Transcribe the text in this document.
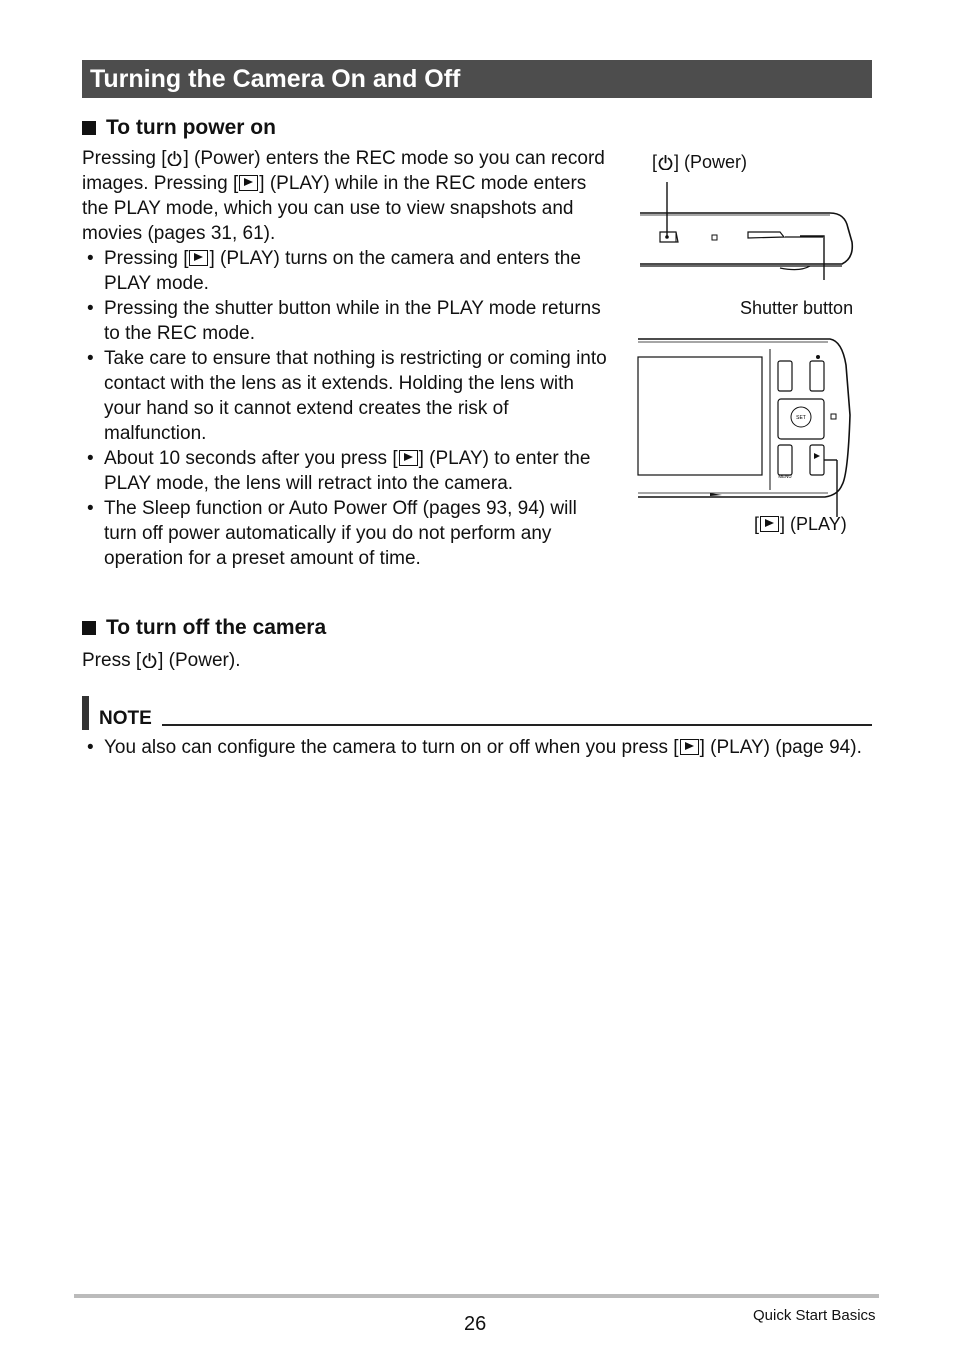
Turning the Camera On and Off
To turn power on

Pressing [ ] (Power) enters the REC mode so you can record images. Pressing [ ] (PLAY) while in the REC mode enters the PLAY mode, which you can use to view snapshots and movies (pages 31, 61).

• Pressing [ ] (PLAY) turns on the camera and enters the PLAY mode.
• Pressing the shutter button while in the PLAY mode returns to the REC mode.
• Take care to ensure that nothing is restricting or coming into contact with the lens as it extends. Holding the lens with your hand so it cannot extend creates the risk of malfunction.
• About 10 seconds after you press [ ] (PLAY) to enter the PLAY mode, the lens will retract into the camera.
• The Sleep function or Auto Power Off (pages 93, 94) will turn off power automatically if you do not perform any operation for a preset amount of time.
[ ] (Power)
Shutter button
SET
MENU
[ ] (PLAY)
To turn off the camera
Press [ ] (Power).
NOTE
• You also can configure the camera to turn on or off when you press [ ] (PLAY) (page 94).
26	Quick Start Basics
